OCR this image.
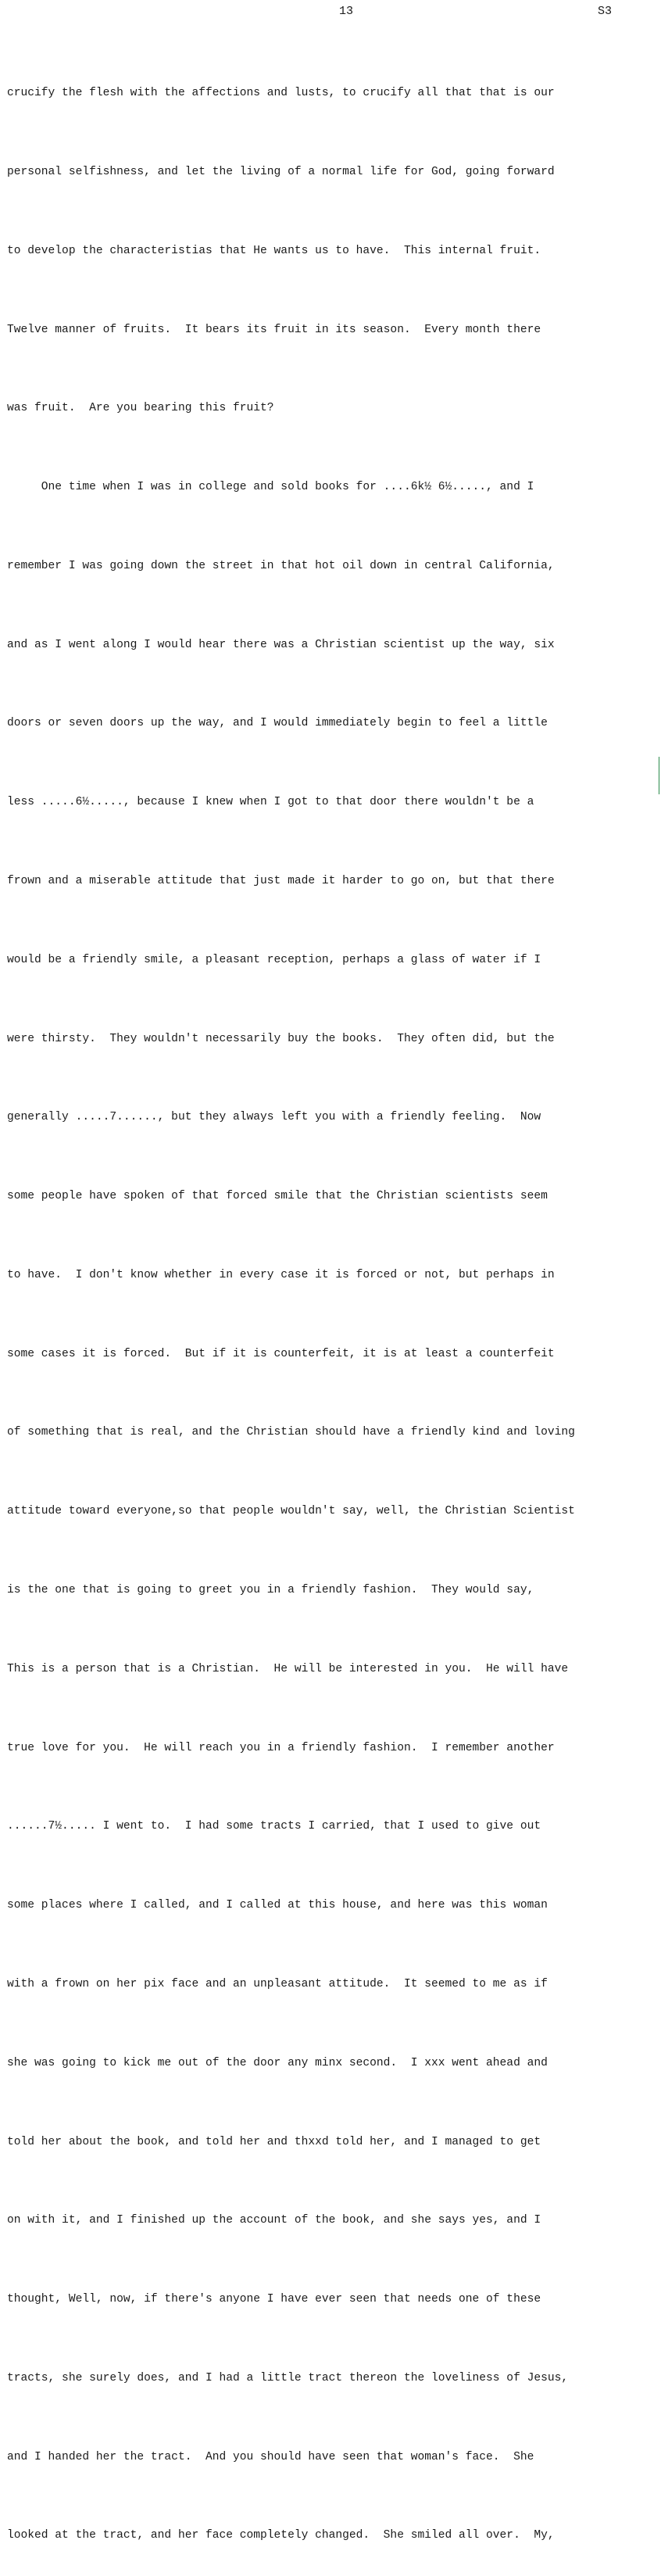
13	S3

crucify the flesh with the affections and lusts, to crucify all that that is our

personal selfishness, and let the living of a normal life for God, going forward

to develop the characteristias that He wants us to have.  This internal fruit.

Twelve manner of fruits.  It bears its fruit in its season.  Every month there

was fruit.  Are you bearing this fruit?

One time when I was in college and sold books for ....6k½ 6½....., and I

remember I was going down the street in that hot oil down in central California,

and as I went along I would hear there was a Christian scientist up the way, six

doors or seven doors up the way, and I would immediately begin to feel a little

less .....6½....., because I knew when I got to that door there wouldn't be a

frown and a miserable attitude that just made it harder to go on, but that there

would be a friendly smile, a pleasant reception, perhaps a glass of water if I

were thirsty.  They wouldn't necessarily buy the books.  They often did, but the

generally .....7......, but they always left you with a friendly feeling.  Now

some people have spoken of that forced smile that the Christian scientists seem

to have.  I don't know whether in every case it is forced or not, but perhaps in

some cases it is forced.  But if it is counterfeit, it is at least a counterfeit

of something that is real, and the Christian should have a friendly kind and loving

attitude toward everyone,so that people wouldn't say, well, the Christian Scientist

is the one that is going to greet you in a friendly fashion.  They would say,

This is a person that is a Christian.  He will be interested in you.  He will have

true love for you.  He will reach you in a friendly fashion.  I remember another

......7½..... I went to.  I had some tracts I carried, that I used to give out

some places where I called, and I called at this house, and here was this woman

with a frown on her pix face and an unpleasant attitude.  It seemed to me as if

she was going to kick me out of the door any minx second.  I xxx went ahead and

told her about the book, and told her and thxxd told her, and I managed to get

on with it, and I finished up the account of the book, and she says yes, and I

thought, Well, now, if there's anyone I have ever seen that needs one of these

tracts, she surely does, and I had a little tract thereon the loveliness of Jesus,

and I handed her the tract.  And you should have seen that woman's face.  She

looked at the tract, and her face completely changed.  She smiled all over.  My,
